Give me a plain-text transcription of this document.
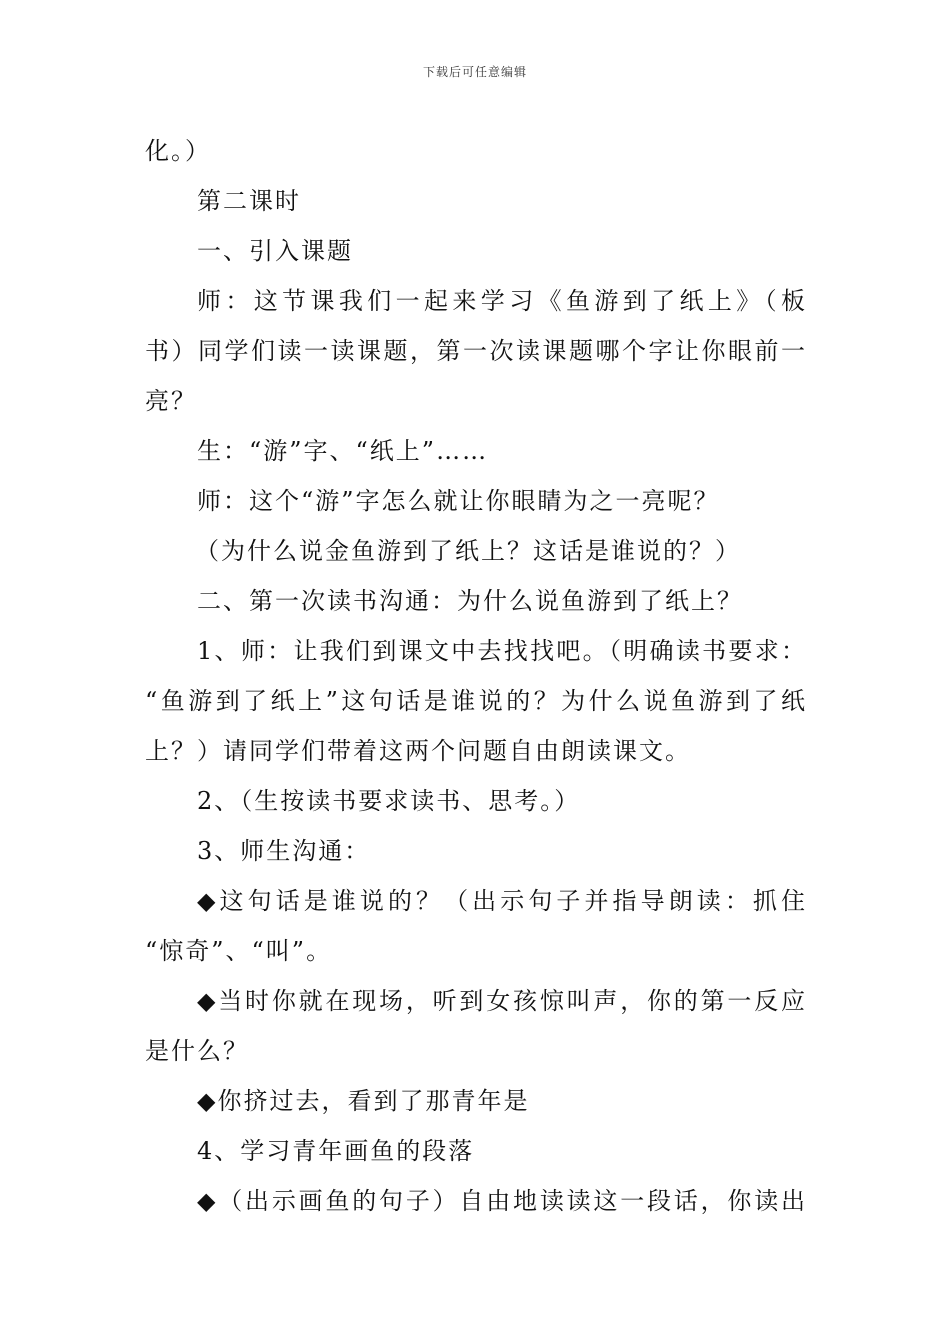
下载后可任意编辑
化。）
第二课时
一、引入课题
师：这节课我们一起来学习《鱼游到了纸上》（板
书）同学们读一读课题，第一次读课题哪个字让你眼前一
亮？
生：“游”字、“纸上”……
师：这个“游”字怎么就让你眼睛为之一亮呢？
（为什么说金鱼游到了纸上？这话是谁说的？）
二、第一次读书沟通：为什么说鱼游到了纸上？
1、师：让我们到课文中去找找吧。（明确读书要求：
“鱼游到了纸上”这句话是谁说的？为什么说鱼游到了纸
上？）请同学们带着这两个问题自由朗读课文。
2、（生按读书要求读书、思考。）
3、师生沟通：
◆这句话是谁说的？（出示句子并指导朗读：抓住
“惊奇”、“叫”。
◆当时你就在现场，听到女孩惊叫声，你的第一反应
是什么？
◆你挤过去，看到了那青年是
4、学习青年画鱼的段落
◆（出示画鱼的句子）自由地读读这一段话，你读出
